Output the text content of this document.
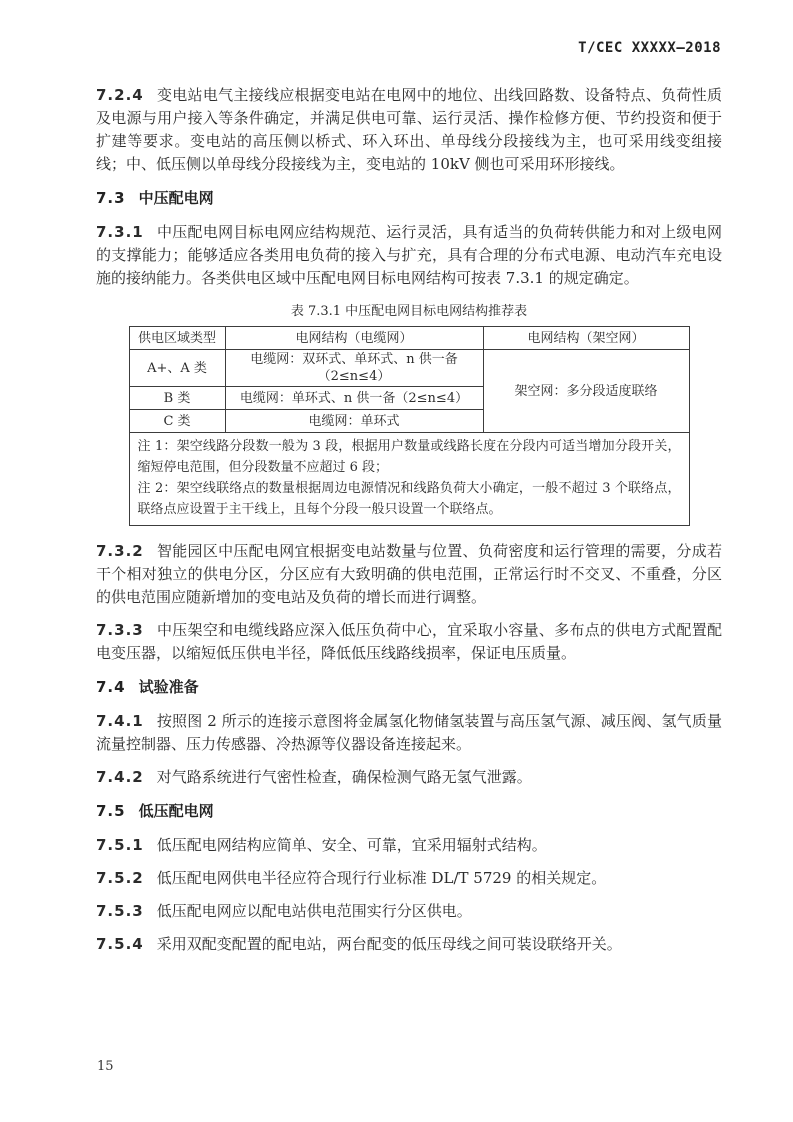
T/CEC XXXXX—2018

7.2.4 变电站电气主接线应根据变电站在电网中的地位、出线回路数、设备特点、负荷性质及电源与用户接入等条件确定，并满足供电可靠、运行灵活、操作检修方便、节约投资和便于扩建等要求。变电站的高压侧以桥式、环入环出、单母线分段接线为主，也可采用线变组接线；中、低压侧以单母线分段接线为主，变电站的 10kV 侧也可采用环形接线。

7.3 中压配电网

7.3.1 中压配电网目标电网应结构规范、运行灵活，具有适当的负荷转供能力和对上级电网的支撑能力；能够适应各类用电负荷的接入与扩充，具有合理的分布式电源、电动汽车充电设施的接纳能力。各类供电区域中压配电网目标电网结构可按表 7.3.1 的规定确定。

表 7.3.1 中压配电网目标电网结构推荐表
供电区域类型	电网结构（电缆网）	电网结构（架空网）
A+、A 类	电缆网：双环式、单环式、n 供一备（2≤n≤4）	架空网：多分段适度联络
B 类	电缆网：单环式、n 供一备（2≤n≤4）	
C 类	电缆网：单环式	

注 1：架空线路分段数一般为 3 段，根据用户数量或线路长度在分段内可适当增加分段开关，缩短停电范围，但分段数量不应超过 6 段；
注 2：架空线联络点的数量根据周边电源情况和线路负荷大小确定，一般不超过 3 个联络点，联络点应设置于主干线上，且每个分段一般只设置一个联络点。		

7.3.2 智能园区中压配电网宜根据变电站数量与位置、负荷密度和运行管理的需要，分成若干个相对独立的供电分区，分区应有大致明确的供电范围，正常运行时不交叉、不重叠，分区的供电范围应随新增加的变电站及负荷的增长而进行调整。

7.3.3 中压架空和电缆线路应深入低压负荷中心，宜采取小容量、多布点的供电方式配置配电变压器，以缩短低压供电半径，降低低压线路线损率，保证电压质量。

7.4 试验准备

7.4.1 按照图 2 所示的连接示意图将金属氢化物储氢装置与高压氢气源、减压阀、氢气质量流量控制器、压力传感器、冷热源等仪器设备连接起来。

7.4.2 对气路系统进行气密性检查，确保检测气路无氢气泄露。

7.5 低压配电网

7.5.1 低压配电网结构应简单、安全、可靠，宜采用辐射式结构。

7.5.2 低压配电网供电半径应符合现行行业标准 DL/T 5729 的相关规定。

7.5.3 低压配电网应以配电站供电范围实行分区供电。

7.5.4 采用双配变配置的配电站，两台配变的低压母线之间可装设联络开关。

15
